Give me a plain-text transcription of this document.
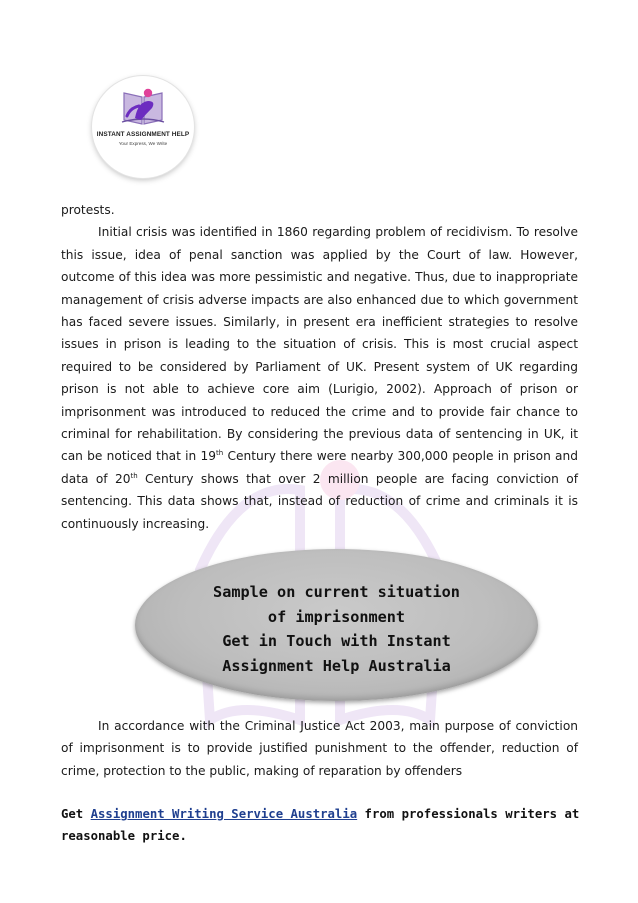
INSTANT ASSIGNMENT HELP
Your Express, We Write

protests.

Initial crisis was identified in 1860 regarding problem of recidivism. To resolve this issue, idea of penal sanction was applied by the Court of law. However, outcome of this idea was more pessimistic and negative. Thus, due to inappropriate management of crisis adverse impacts are also enhanced due to which government has faced severe issues. Similarly, in present era inefficient strategies to resolve issues in prison is leading to the situation of crisis. This is most crucial aspect required to be considered by Parliament of UK. Present system of UK regarding prison is not able to achieve core aim (Lurigio, 2002). Approach of prison or imprisonment was introduced to reduced the crime and to provide fair chance to criminal for rehabilitation. By considering the previous data of sentencing in UK, it can be noticed that in 19th Century there were nearby 300,000 people in prison and data of 20th Century shows that over 2 million people are facing conviction of sentencing. This data shows that, instead of reduction of crime and criminals it is continuously increasing.

Sample on current situation
of imprisonment
Get in Touch with Instant
Assignment Help Australia

In accordance with the Criminal Justice Act 2003, main purpose of conviction of imprisonment is to provide justified punishment to the offender, reduction of crime, protection to the public, making of reparation by offenders

Get Assignment Writing Service Australia from professionals writers at reasonable price.
